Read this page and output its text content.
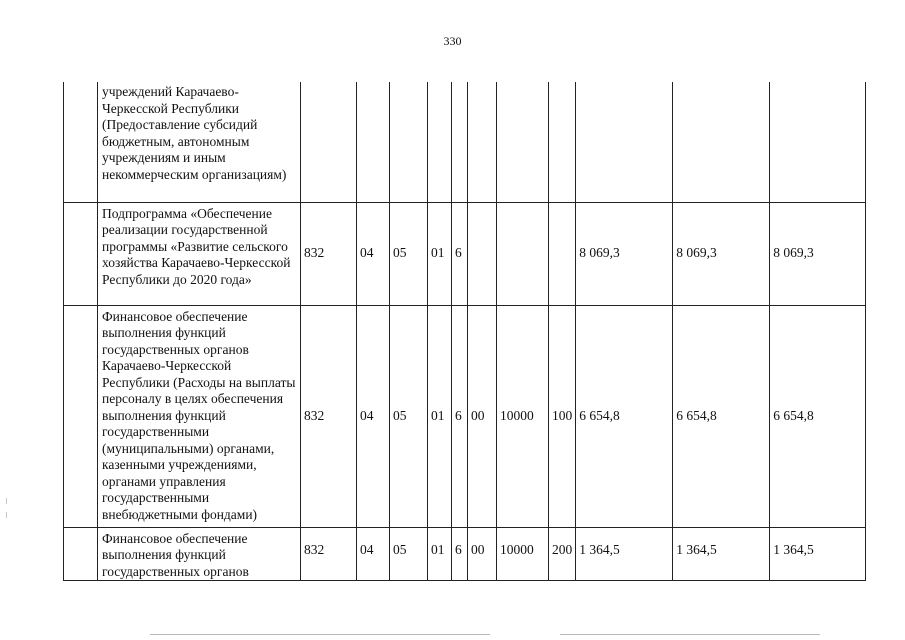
330
	учреждений Карачаево-Черкесской Республики (Предоставление субсидий бюджетным, автономным учреждениям и иным некоммерческим организациям)											
	Подпрограмма «Обеспечение реализации государственной программы «Развитие сельского хозяйства Карачаево-Черкесской Республики до 2020 года»	832	04	05	01	6				8 069,3	8 069,3	8 069,3
	Финансовое обеспечение выполнения функций государственных органов Карачаево-Черкесской Республики (Расходы на выплаты персоналу в целях обеспечения выполнения функций государственными (муниципальными) органами, казенными учреждениями, органами управления государственными внебюджетными фондами)	832	04	05	01	6	00	10000	100	6 654,8	6 654,8	6 654,8
	Финансовое обеспечение выполнения функций государственных органов	832	04	05	01	6	00	10000	200	1 364,5	1 364,5	1 364,5
